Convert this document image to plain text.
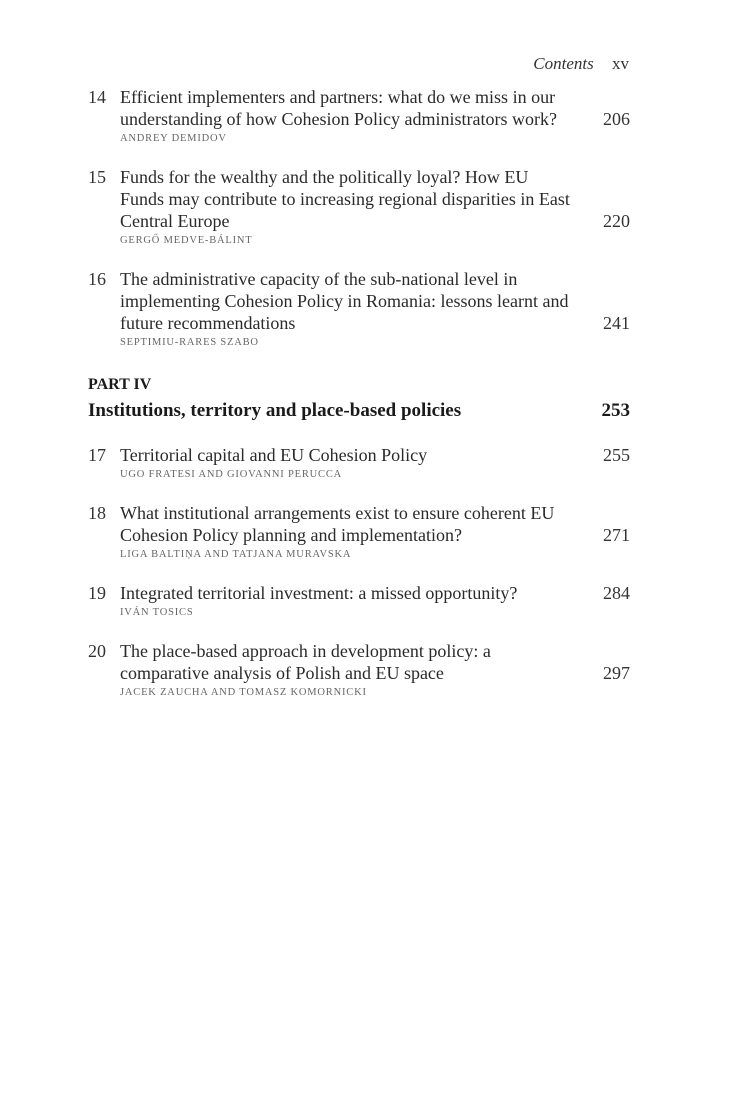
Contents xv
14 Efficient implementers and partners: what do we miss in our understanding of how Cohesion Policy administrators work?
ANDREY DEMIDOV
206
15 Funds for the wealthy and the politically loyal? How EU Funds may contribute to increasing regional disparities in East Central Europe
GERGŐ MEDVE-BÁLINT
220
16 The administrative capacity of the sub-national level in implementing Cohesion Policy in Romania: lessons learnt and future recommendations
SEPTIMIU-RARES SZABO
241
PART IV
Institutions, territory and place-based policies	253
17 Territorial capital and EU Cohesion Policy
UGO FRATESI AND GIOVANNI PERUCCA
255
18 What institutional arrangements exist to ensure coherent EU Cohesion Policy planning and implementation?
LIGA BALTIŅA AND TATJANA MURAVSKA
271
19 Integrated territorial investment: a missed opportunity?
IVÁN TOSICS
284
20 The place-based approach in development policy: a comparative analysis of Polish and EU space
JACEK ZAUCHA AND TOMASZ KOMORNICKI
297
